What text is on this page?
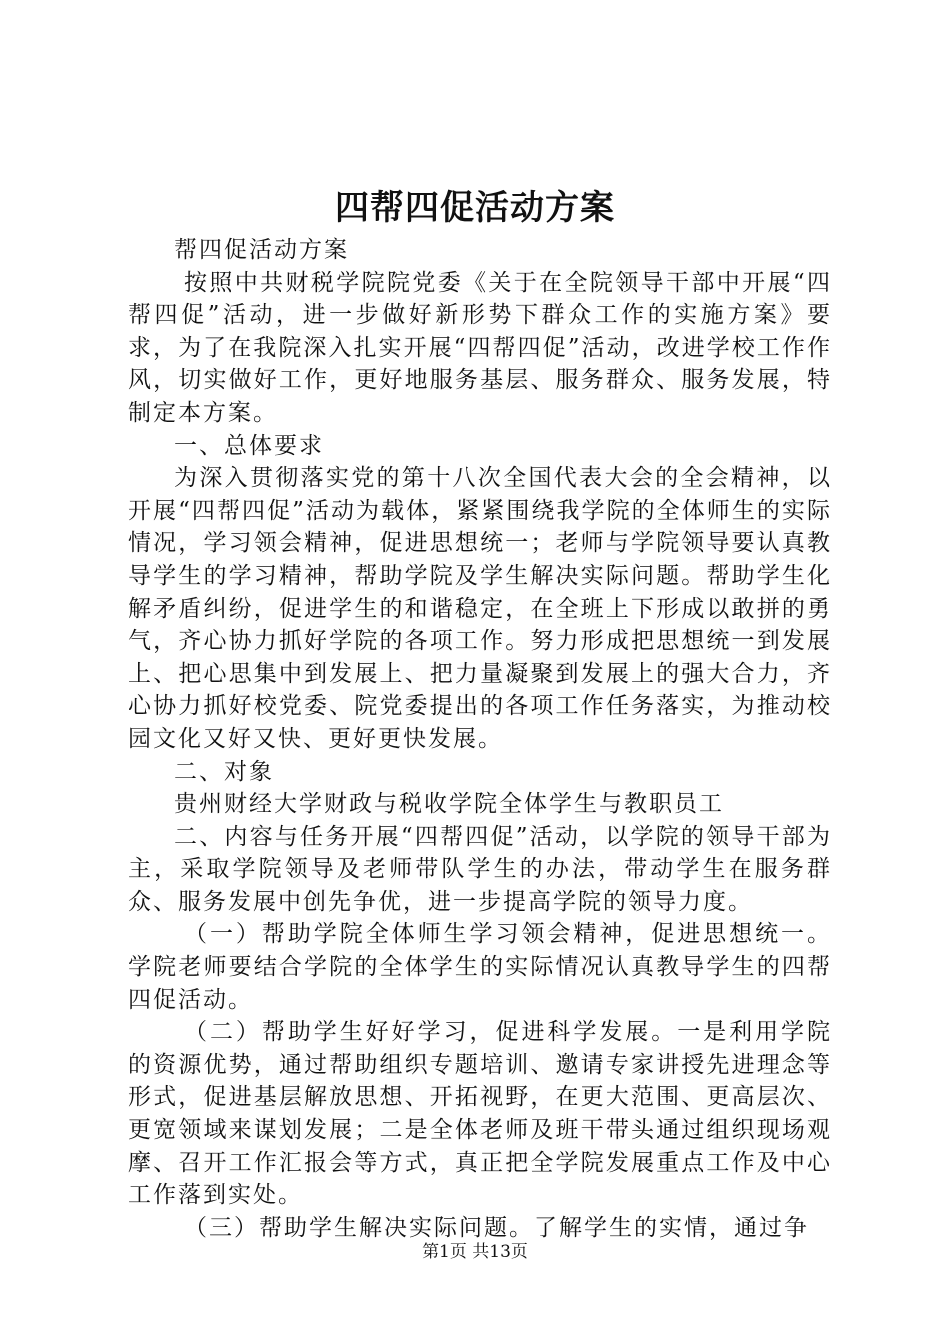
四帮四促活动方案

帮四促活动方案

按照中共财税学院院党委《关于在全院领导干部中开展“四帮四促”活动，进一步做好新形势下群众工作的实施方案》要求，为了在我院深入扎实开展“四帮四促”活动，改进学校工作作风，切实做好工作，更好地服务基层、服务群众、服务发展，特制定本方案。

一、总体要求

为深入贯彻落实党的第十八次全国代表大会的全会精神，以开展“四帮四促”活动为载体，紧紧围绕我学院的全体师生的实际情况，学习领会精神，促进思想统一；老师与学院领导要认真教导学生的学习精神，帮助学院及学生解决实际问题。帮助学生化解矛盾纠纷，促进学生的和谐稳定，在全班上下形成以敢拼的勇气，齐心协力抓好学院的各项工作。努力形成把思想统一到发展上、把心思集中到发展上、把力量凝聚到发展上的强大合力，齐心协力抓好校党委、院党委提出的各项工作任务落实，为推动校园文化又好又快、更好更快发展。

二、对象

贵州财经大学财政与税收学院全体学生与教职员工

二、内容与任务开展“四帮四促”活动，以学院的领导干部为主，采取学院领导及老师带队学生的办法，带动学生在服务群众、服务发展中创先争优，进一步提高学院的领导力度。

（一）帮助学院全体师生学习领会精神，促进思想统一。学院老师要结合学院的全体学生的实际情况认真教导学生的四帮四促活动。

（二）帮助学生好好学习，促进科学发展。一是利用学院的资源优势，通过帮助组织专题培训、邀请专家讲授先进理念等形式，促进基层解放思想、开拓视野，在更大范围、更高层次、更宽领域来谋划发展；二是全体老师及班干带头通过组织现场观摩、召开工作汇报会等方式，真正把全学院发展重点工作及中心工作落到实处。

（三）帮助学生解决实际问题。了解学生的实情，通过争

第1页 共13页
